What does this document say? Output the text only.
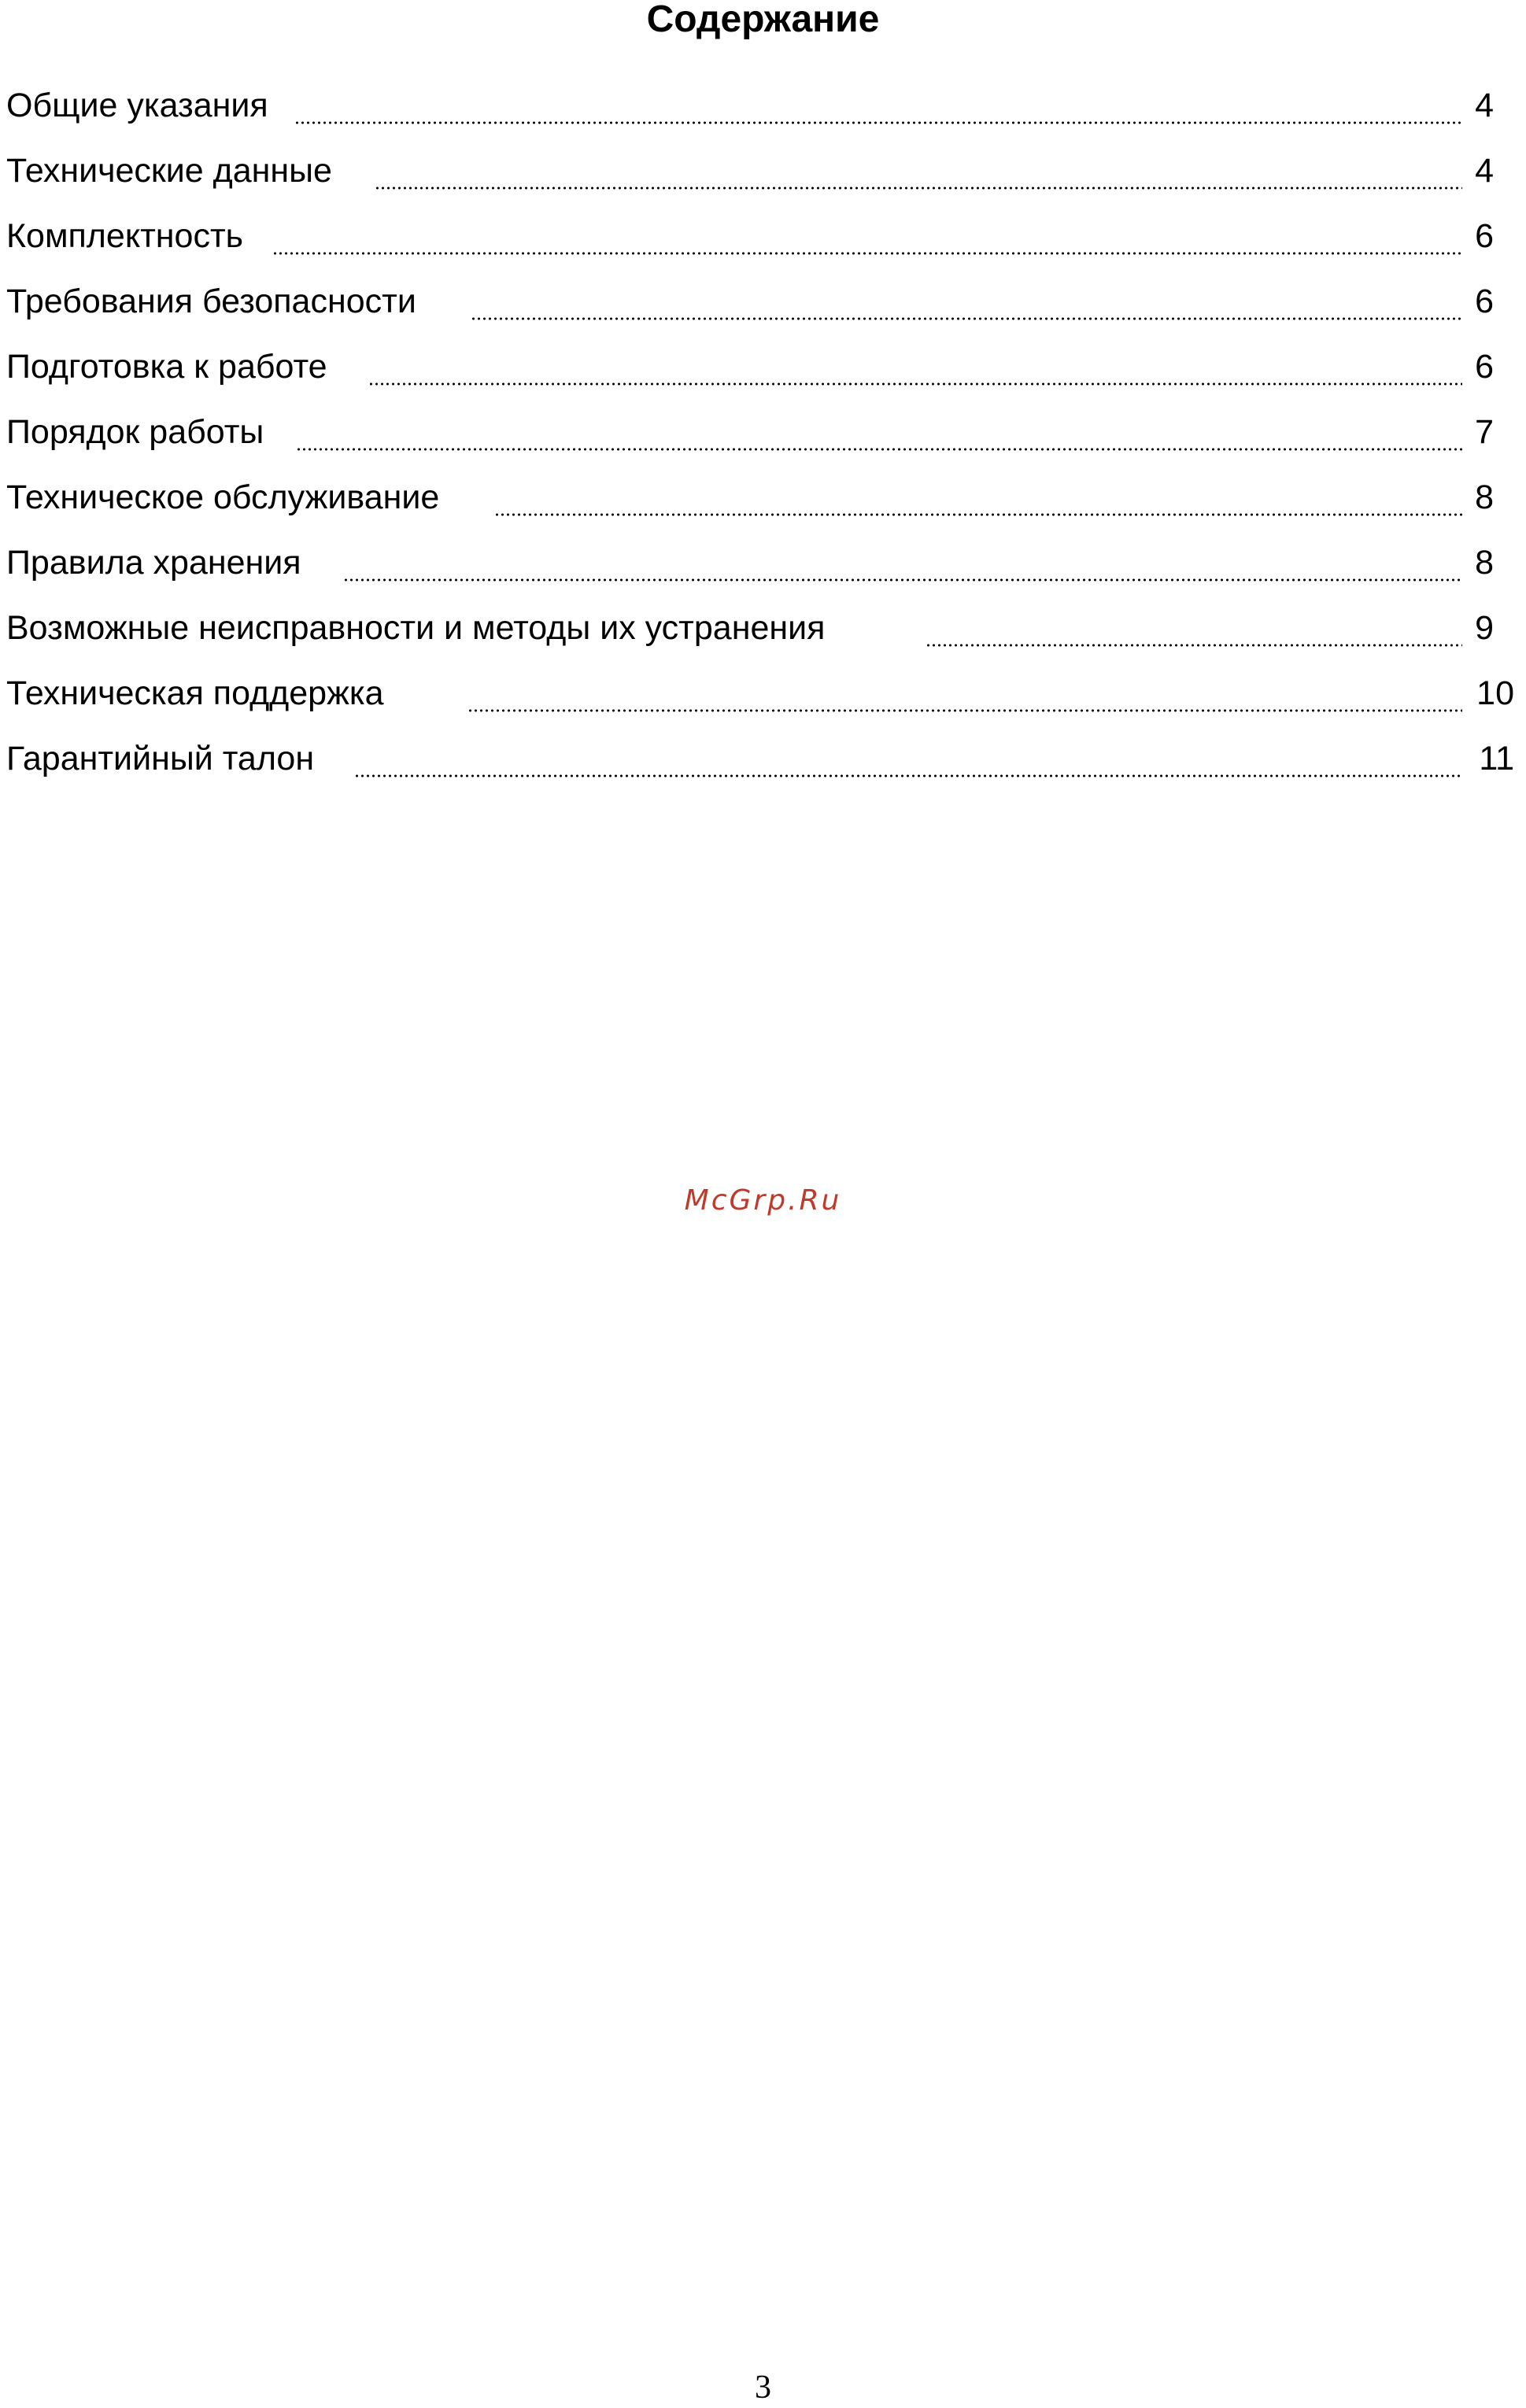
Содержание
Общие указания	4
Технические данные	4
Комплектность	6
Требования безопасности	6
Подготовка к работе	6
Порядок работы	7
Техническое обслуживание	8
Правила хранения	8
Возможные неисправности и методы их устранения	9
Техническая поддержка	10
Гарантийный талон	11
McGrp.Ru
3
